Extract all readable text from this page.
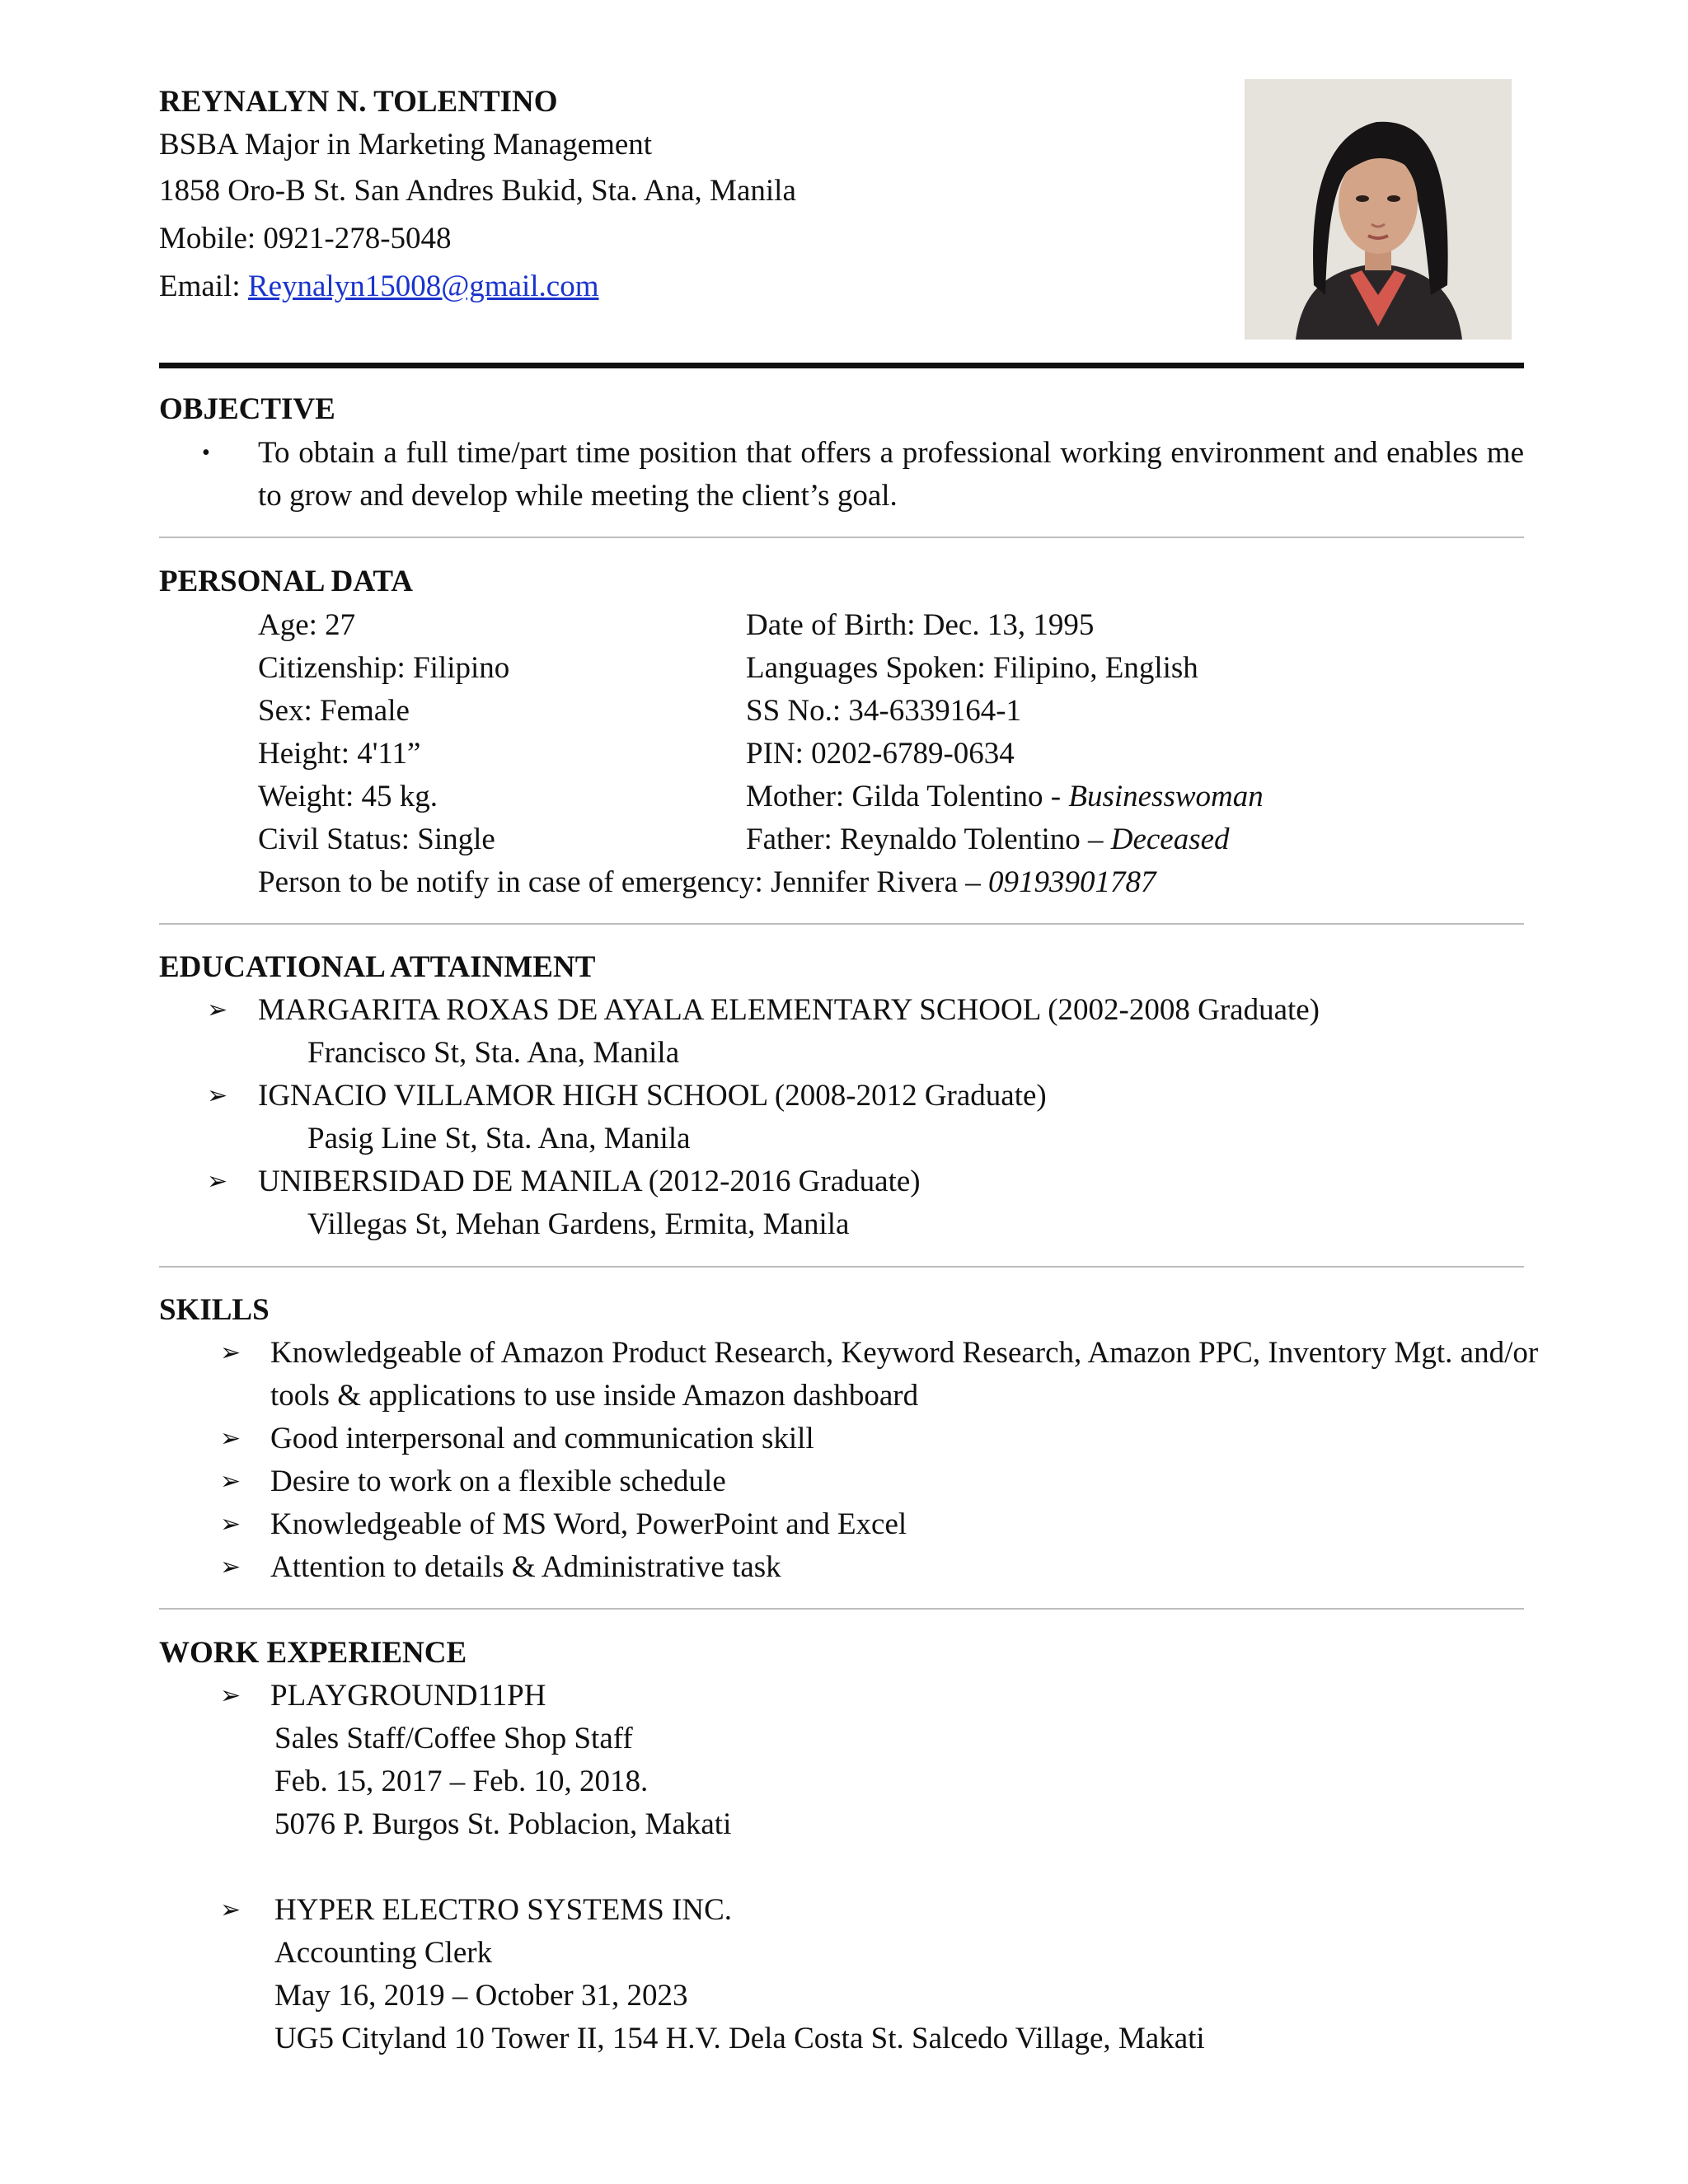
REYNALYN N. TOLENTINO
BSBA Major in Marketing Management
1858 Oro-B St. San Andres Bukid, Sta. Ana, Manila
Mobile: 0921-278-5048
Email: Reynalyn15008@gmail.com
OBJECTIVE
• To obtain a full time/part time position that offers a professional working environment and enables me to grow and develop while meeting the client’s goal.
PERSONAL DATA
Age: 27	Date of Birth: Dec. 13, 1995
Citizenship: Filipino	Languages Spoken: Filipino, English
Sex: Female	SS No.: 34-6339164-1
Height: 4'11”	PIN: 0202-6789-0634
Weight: 45 kg.	Mother: Gilda Tolentino - Businesswoman
Civil Status: Single	Father: Reynaldo Tolentino – Deceased
Person to be notify in case of emergency: Jennifer Rivera – 09193901787
EDUCATIONAL ATTAINMENT
➢ MARGARITA ROXAS DE AYALA ELEMENTARY SCHOOL (2002-2008 Graduate)
Francisco St, Sta. Ana, Manila
➢ IGNACIO VILLAMOR HIGH SCHOOL (2008-2012 Graduate)
Pasig Line St, Sta. Ana, Manila
➢ UNIBERSIDAD DE MANILA (2012-2016 Graduate)
Villegas St, Mehan Gardens, Ermita, Manila
SKILLS
➢ Knowledgeable of Amazon Product Research, Keyword Research, Amazon PPC, Inventory Mgt. and/or tools & applications to use inside Amazon dashboard
➢ Good interpersonal and communication skill
➢ Desire to work on a flexible schedule
➢ Knowledgeable of MS Word, PowerPoint and Excel
➢ Attention to details & Administrative task
WORK EXPERIENCE
➢ PLAYGROUND11PH
Sales Staff/Coffee Shop Staff
Feb. 15, 2017 – Feb. 10, 2018.
5076 P. Burgos St. Poblacion, Makati
➢ HYPER ELECTRO SYSTEMS INC.
Accounting Clerk
May 16, 2019 – October 31, 2023
UG5 Cityland 10 Tower II, 154 H.V. Dela Costa St. Salcedo Village, Makati
